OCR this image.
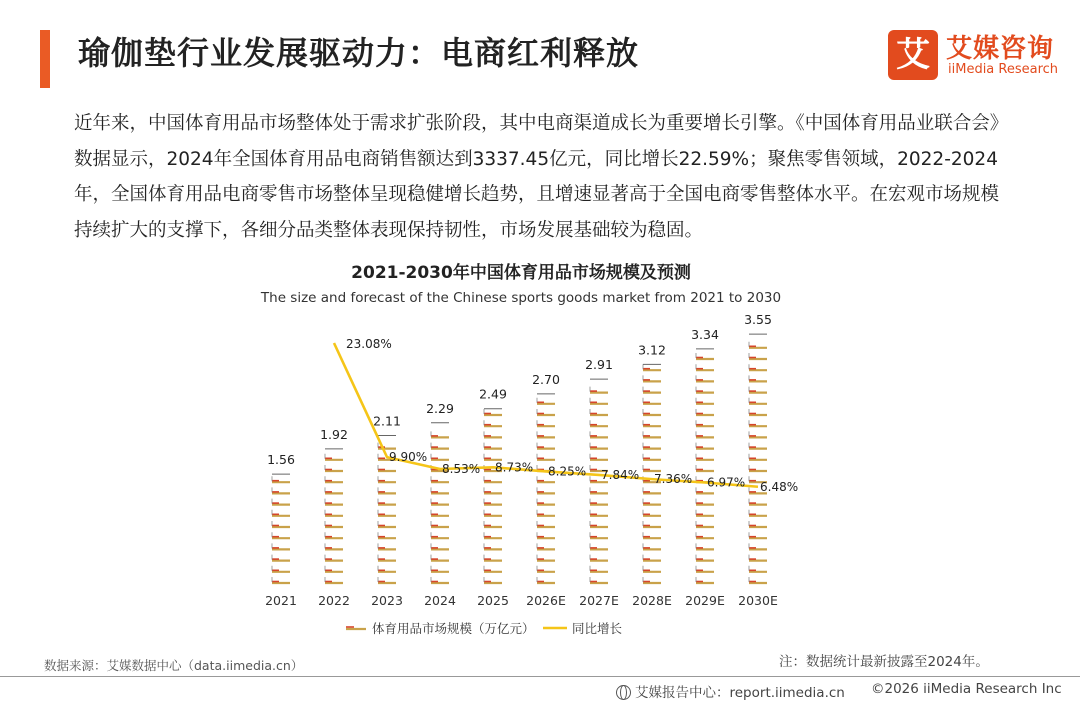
瑜伽垫行业发展驱动力：电商红利释放	艾 艾媒咨询
iiMedia Research
近年来，中国体育用品市场整体处于需求扩张阶段，其中电商渠道成长为重要增长引擎。《中国体育用品业联合会》数据显示，2024年全国体育用品电商销售额达到3337.45亿元，同比增长22.59%；聚焦零售领域，2022-2024年，全国体育用品电商零售市场整体呈现稳健增长趋势，且增速显著高于全国电商零售整体水平。在宏观市场规模持续扩大的支撑下，各细分品类整体表现保持韧性，市场发展基础较为稳固。
2021-2030年中国体育用品市场规模及预测
The size and forecast of the Chinese sports goods market from 2021 to 2030
1.56
2021
1.92
2022
2.11
2023
2.29
2024
2.49
2025
2.70
2026E
2.91
2027E
3.12
2028E
3.34
2029E
3.55
2030E
23.08%
9.90%
8.53% 8.73% 8.25% 7.84% 7.36% 6.97% 6.48%
体育用品市场规模（万亿元）	同比增长
数据来源：艾媒数据中心（data.iimedia.cn）	注：数据统计最新披露至2024年。
艾媒报告中心：report.iimedia.cn ©2026 iiMedia Research Inc
